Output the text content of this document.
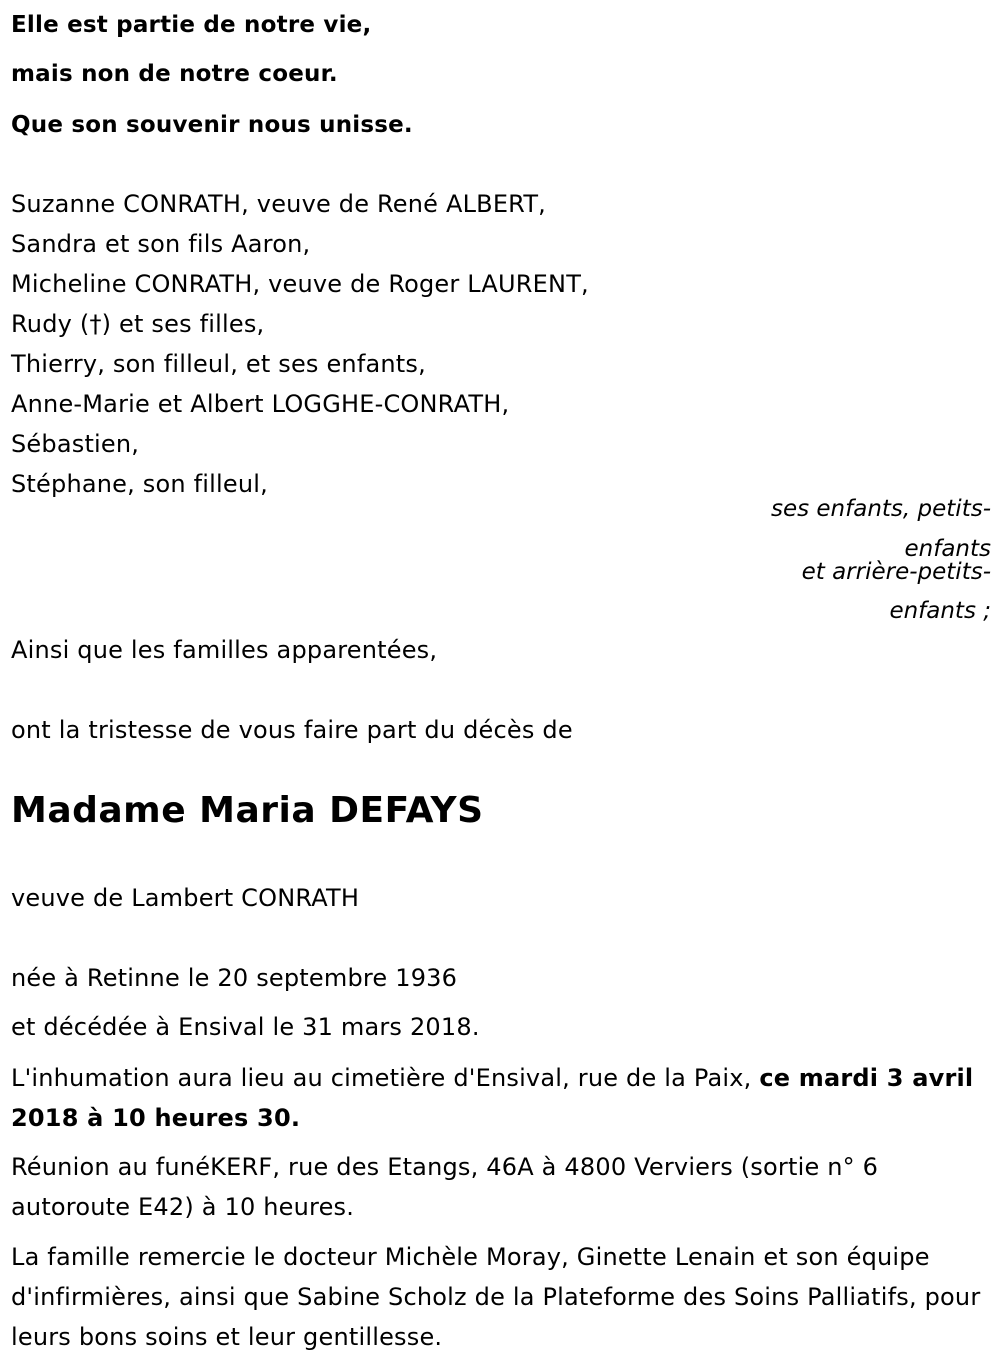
Elle est partie de notre vie,
mais non de notre coeur.
Que son souvenir nous unisse.
Suzanne CONRATH, veuve de René ALBERT,
Sandra et son fils Aaron,
Micheline CONRATH, veuve de Roger LAURENT,
Rudy (†) et ses filles,
Thierry, son filleul, et ses enfants,
Anne-Marie et Albert LOGGHE-CONRATH,
Sébastien,
Stéphane, son filleul,
ses enfants, petits-
enfants
et arrière-petits-
enfants ;
Ainsi que les familles apparentées,
ont la tristesse de vous faire part du décès de
Madame Maria DEFAYS
veuve de Lambert CONRATH
née à Retinne le 20 septembre 1936
et décédée à Ensival le 31 mars 2018.
L'inhumation aura lieu au cimetière d'Ensival, rue de la Paix, ce mardi 3 avril 2018 à 10 heures 30.
Réunion au funéKERF, rue des Etangs, 46A à 4800 Verviers (sortie n° 6 autoroute E42) à 10 heures.
La famille remercie le docteur Michèle Moray, Ginette Lenain et son équipe d'infirmières, ainsi que Sabine Scholz de la Plateforme des Soins Palliatifs, pour leurs bons soins et leur gentillesse.
